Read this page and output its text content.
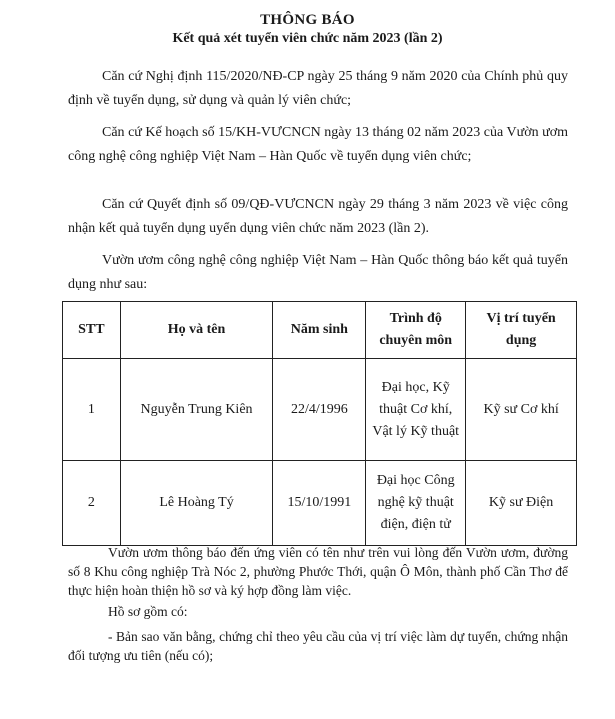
THÔNG BÁO
Kết quả xét tuyển viên chức năm 2023 (lần 2)
Căn cứ Nghị định 115/2020/NĐ-CP ngày 25 tháng 9 năm 2020 của Chính phủ quy định về tuyển dụng, sử dụng và quản lý viên chức;
Căn cứ Kế hoạch số 15/KH-VƯCNCN ngày 13 tháng 02 năm 2023 của Vườn ươm công nghệ công nghiệp Việt Nam – Hàn Quốc về tuyển dụng viên chức;
Căn cứ Quyết định số 09/QĐ-VƯCNCN ngày 29 tháng 3 năm 2023 về việc công nhận kết quả tuyển dụng uyển dụng viên chức năm 2023 (lần 2).
Vườn ươm công nghệ công nghiệp Việt Nam – Hàn Quốc thông báo kết quả tuyển dụng như sau:
STT	Họ và tên	Năm sinh	Trình độ chuyên môn	Vị trí tuyển dụng
1	Nguyễn Trung Kiên	22/4/1996	Đại học, Kỹ thuật Cơ khí, Vật lý Kỹ thuật	Kỹ sư Cơ khí
2	Lê Hoàng Tý	15/10/1991	Đại học Công nghệ kỹ thuật điện, điện tử	Kỹ sư Điện
Vườn ươm thông báo đến ứng viên có tên như trên vui lòng đến Vườn ươm, đường số 8 Khu công nghiệp Trà Nóc 2, phường Phước Thới, quận Ô Môn, thành phố Cần Thơ để thực hiện hoàn thiện hồ sơ và ký hợp đồng làm việc.
Hồ sơ gồm có:
- Bản sao văn bằng, chứng chỉ theo yêu cầu của vị trí việc làm dự tuyển, chứng nhận đối tượng ưu tiên (nếu có);
